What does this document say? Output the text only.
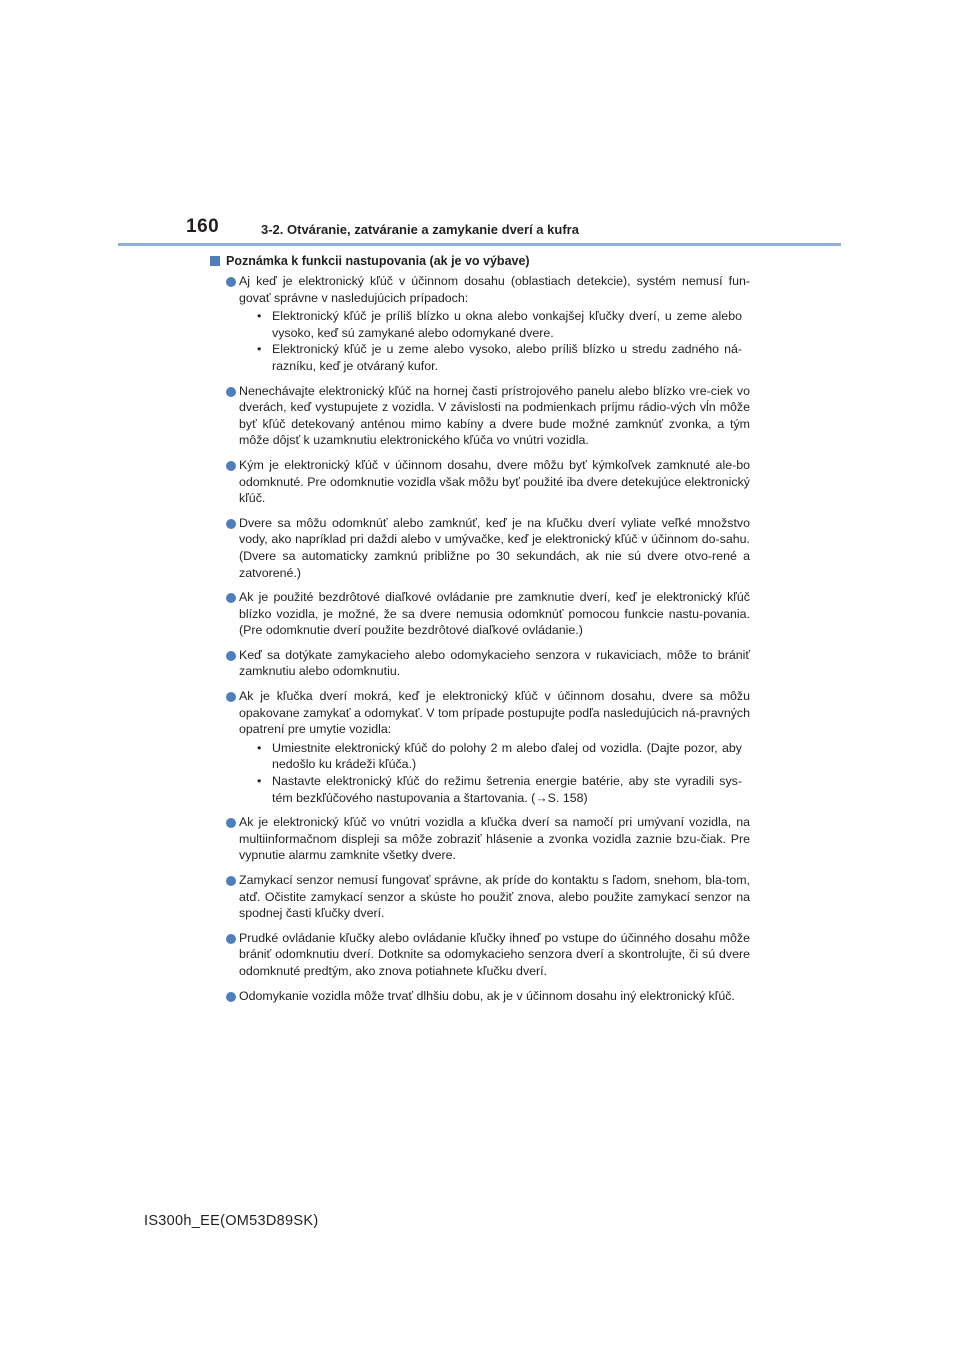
160	3-2. Otváranie, zatváranie a zamykanie dverí a kufra
Poznámka k funkcii nastupovania (ak je vo výbave)
Aj keď je elektronický kľúč v účinnom dosahu (oblastiach detekcie), systém nemusí fun-govať správne v nasledujúcich prípadoch:
• Elektronický kľúč je príliš blízko u okna alebo vonkajšej kľučky dverí, u zeme alebo vysoko, keď sú zamykané alebo odomykané dvere.
• Elektronický kľúč je u zeme alebo vysoko, alebo príliš blízko u stredu zadného ná-razníku, keď je otváraný kufor.
Nenechávajte elektronický kľúč na hornej časti prístrojového panelu alebo blízko vre-ciek vo dverách, keď vystupujete z vozidla. V závislosti na podmienkach príjmu rádio-vých vĺn môže byť kľúč detekovaný anténou mimo kabíny a dvere bude možné zamknúť zvonka, a tým môže dôjsť k uzamknutiu elektronického kľúča vo vnútri vozidla.
Kým je elektronický kľúč v účinnom dosahu, dvere môžu byť kýmkoľvek zamknuté ale-bo odomknuté. Pre odomknutie vozidla však môžu byť použité iba dvere detekujúce elektronický kľúč.
Dvere sa môžu odomknúť alebo zamknúť, keď je na kľučku dverí vyliate veľké množstvo vody, ako napríklad pri daždi alebo v umývačke, keď je elektronický kľúč v účinnom do-sahu. (Dvere sa automaticky zamknú približne po 30 sekundách, ak nie sú dvere otvo-rené a zatvorené.)
Ak je použité bezdrôtové diaľkové ovládanie pre zamknutie dverí, keď je elektronický kľúč blízko vozidla, je možné, že sa dvere nemusia odomknúť pomocou funkcie nastu-povania. (Pre odomknutie dverí použite bezdrôtové diaľkové ovládanie.)
Keď sa dotýkate zamykacieho alebo odomykacieho senzora v rukaviciach, môže to brániť zamknutiu alebo odomknutiu.
Ak je kľučka dverí mokrá, keď je elektronický kľúč v účinnom dosahu, dvere sa môžu opakovane zamykať a odomykať. V tom prípade postupujte podľa nasledujúcich ná-pravných opatrení pre umytie vozidla:
• Umiestnite elektronický kľúč do polohy 2 m alebo ďalej od vozidla. (Dajte pozor, aby nedošlo ku krádeži kľúča.)
• Nastavte elektronický kľúč do režimu šetrenia energie batérie, aby ste vyradili sys-tém bezkľúčového nastupovania a štartovania. (→S. 158)
Ak je elektronický kľúč vo vnútri vozidla a kľučka dverí sa namočí pri umývaní vozidla, na multiinformačnom displeji sa môže zobraziť hlásenie a zvonka vozidla zaznie bzu-čiak. Pre vypnutie alarmu zamknite všetky dvere.
Zamykací senzor nemusí fungovať správne, ak príde do kontaktu s ľadom, snehom, bla-tom, atď. Očistite zamykací senzor a skúste ho použiť znova, alebo použite zamykací senzor na spodnej časti kľučky dverí.
Prudké ovládanie kľučky alebo ovládanie kľučky ihneď po vstupe do účinného dosahu môže brániť odomknutiu dverí. Dotknite sa odomykacieho senzora dverí a skontrolujte, či sú dvere odomknuté predtým, ako znova potiahnete kľučku dverí.
Odomykanie vozidla môže trvať dlhšiu dobu, ak je v účinnom dosahu iný elektronický kľúč.
IS300h_EE(OM53D89SK)
